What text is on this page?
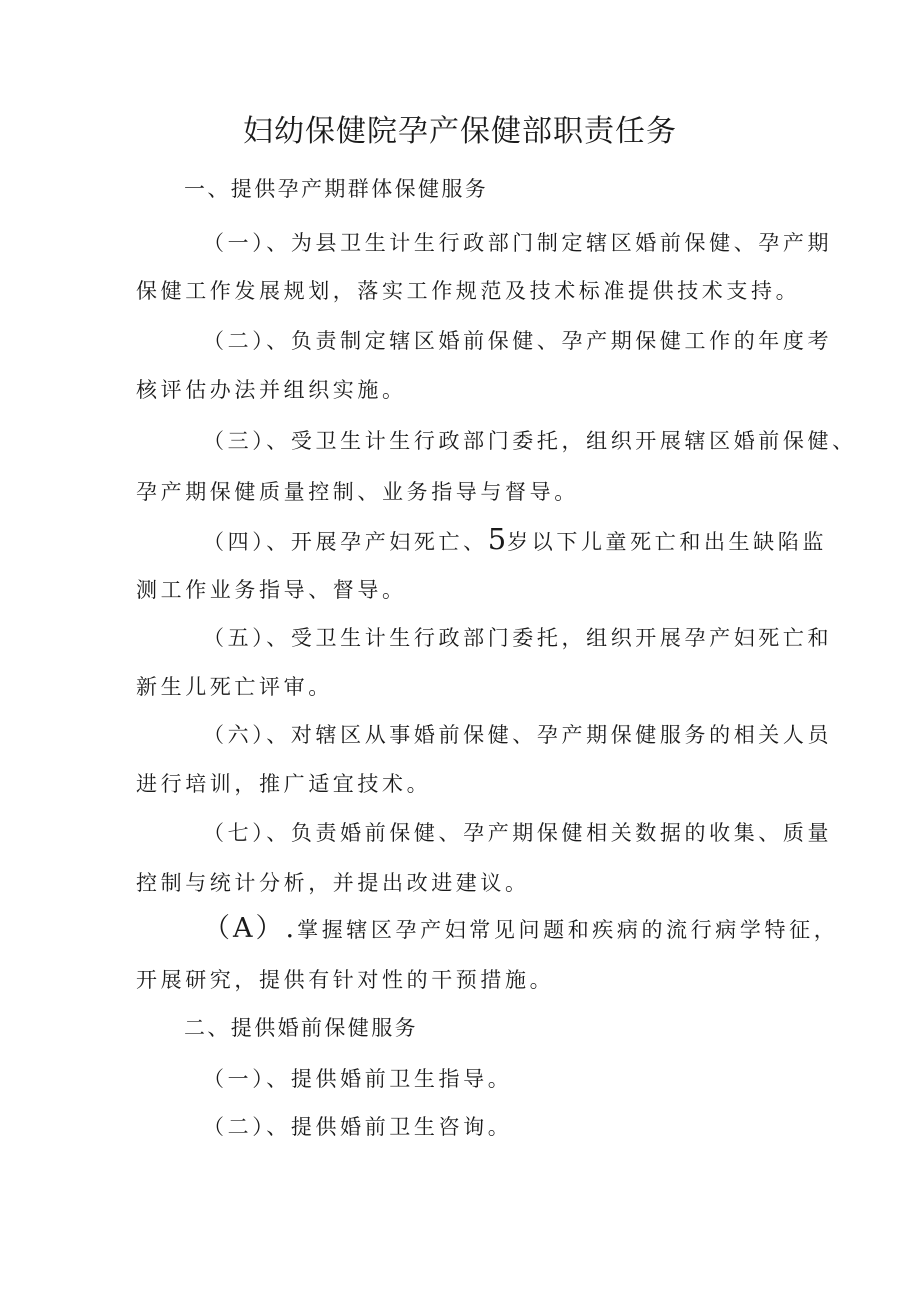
妇幼保健院孕产保健部职责任务
一、提供孕产期群体保健服务
（一）、为县卫生计生行政部门制定辖区婚前保健、孕产期
保健工作发展规划，落实工作规范及技术标准提供技术支持。
（二）、负责制定辖区婚前保健、孕产期保健工作的年度考
核评估办法并组织实施。
（三）、受卫生计生行政部门委托，组织开展辖区婚前保健、
孕产期保健质量控制、业务指导与督导。
（四）、开展孕产妇死亡、5岁以下儿童死亡和出生缺陷监
测工作业务指导、督导。
（五）、受卫生计生行政部门委托，组织开展孕产妇死亡和
新生儿死亡评审。
（六）、对辖区从事婚前保健、孕产期保健服务的相关人员
进行培训，推广适宜技术。
（七）、负责婚前保健、孕产期保健相关数据的收集、质量
控制与统计分析，并提出改进建议。
（A）.掌握辖区孕产妇常见问题和疾病的流行病学特征，
开展研究，提供有针对性的干预措施。
二、提供婚前保健服务
（一）、提供婚前卫生指导。
（二）、提供婚前卫生咨询。
